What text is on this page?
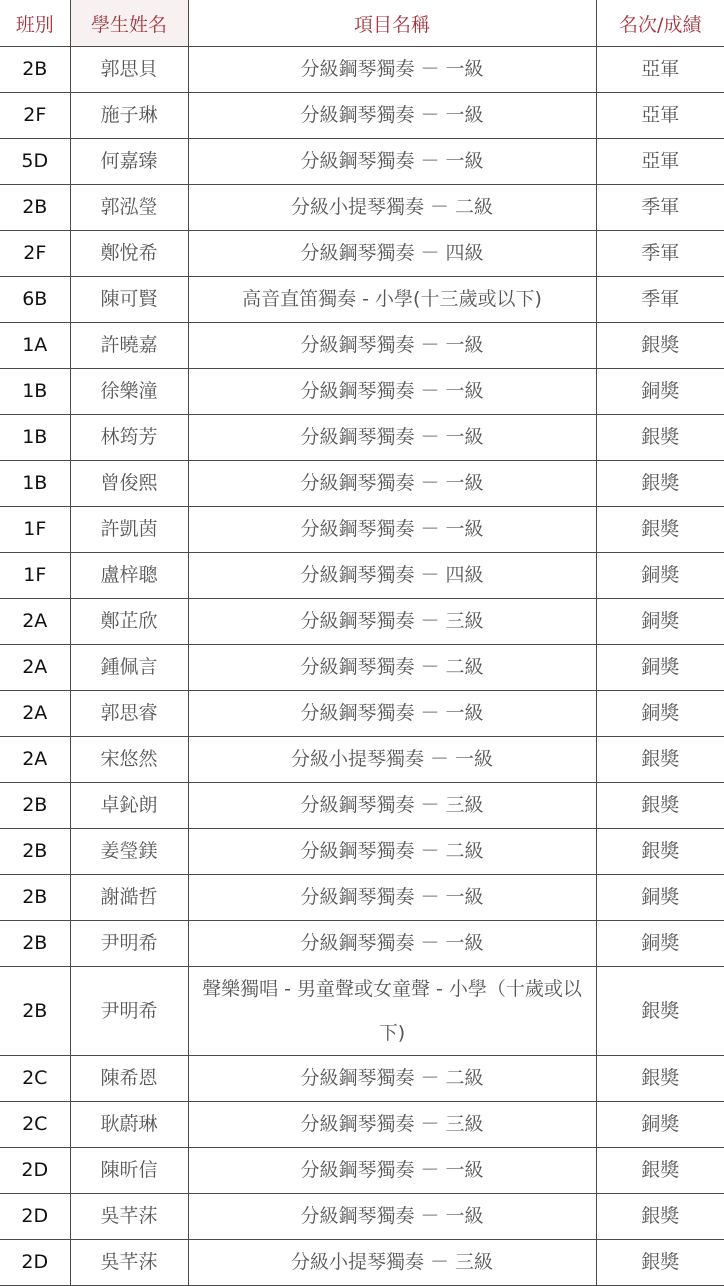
班別	學生姓名	項目名稱	名次/成績
2B	郭思貝	分級鋼琴獨奏 － 一級	亞軍
2F	施子琳	分級鋼琴獨奏 － 一級	亞軍
5D	何嘉臻	分級鋼琴獨奏 － 一級	亞軍
2B	郭泓瑩	分級小提琴獨奏 － 二級	季軍
2F	鄭悅希	分級鋼琴獨奏 － 四級	季軍
6B	陳可賢	高音直笛獨奏 - 小學(十三歲或以下)	季軍
1A	許曉嘉	分級鋼琴獨奏 － 一級	銀獎
1B	徐樂潼	分級鋼琴獨奏 － 一級	銅獎
1B	林筠芳	分級鋼琴獨奏 － 一級	銀獎
1B	曾俊熙	分級鋼琴獨奏 － 一級	銀獎
1F	許凱茵	分級鋼琴獨奏 － 一級	銀獎
1F	盧梓聰	分級鋼琴獨奏 － 四級	銅獎
2A	鄭芷欣	分級鋼琴獨奏 － 三級	銅獎
2A	鍾佩言	分級鋼琴獨奏 － 二級	銅獎
2A	郭思睿	分級鋼琴獨奏 － 一級	銅獎
2A	宋悠然	分級小提琴獨奏 － 一級	銀獎
2B	卓鈊朗	分級鋼琴獨奏 － 三級	銀獎
2B	姜瑩鎂	分級鋼琴獨奏 － 二級	銀獎
2B	謝澔哲	分級鋼琴獨奏 － 一級	銅獎
2B	尹明希	分級鋼琴獨奏 － 一級	銅獎
2B	尹明希	聲樂獨唱 - 男童聲或女童聲 - 小學（十歲或以下)	銀獎
2C	陳希恩	分級鋼琴獨奏 － 二級	銀獎
2C	耿蔚琳	分級鋼琴獨奏 － 三級	銅獎
2D	陳昕信	分級鋼琴獨奏 － 一級	銀獎
2D	吳芊莯	分級鋼琴獨奏 － 一級	銀獎
2D	吳芊莯	分級小提琴獨奏 － 三級	銀獎
